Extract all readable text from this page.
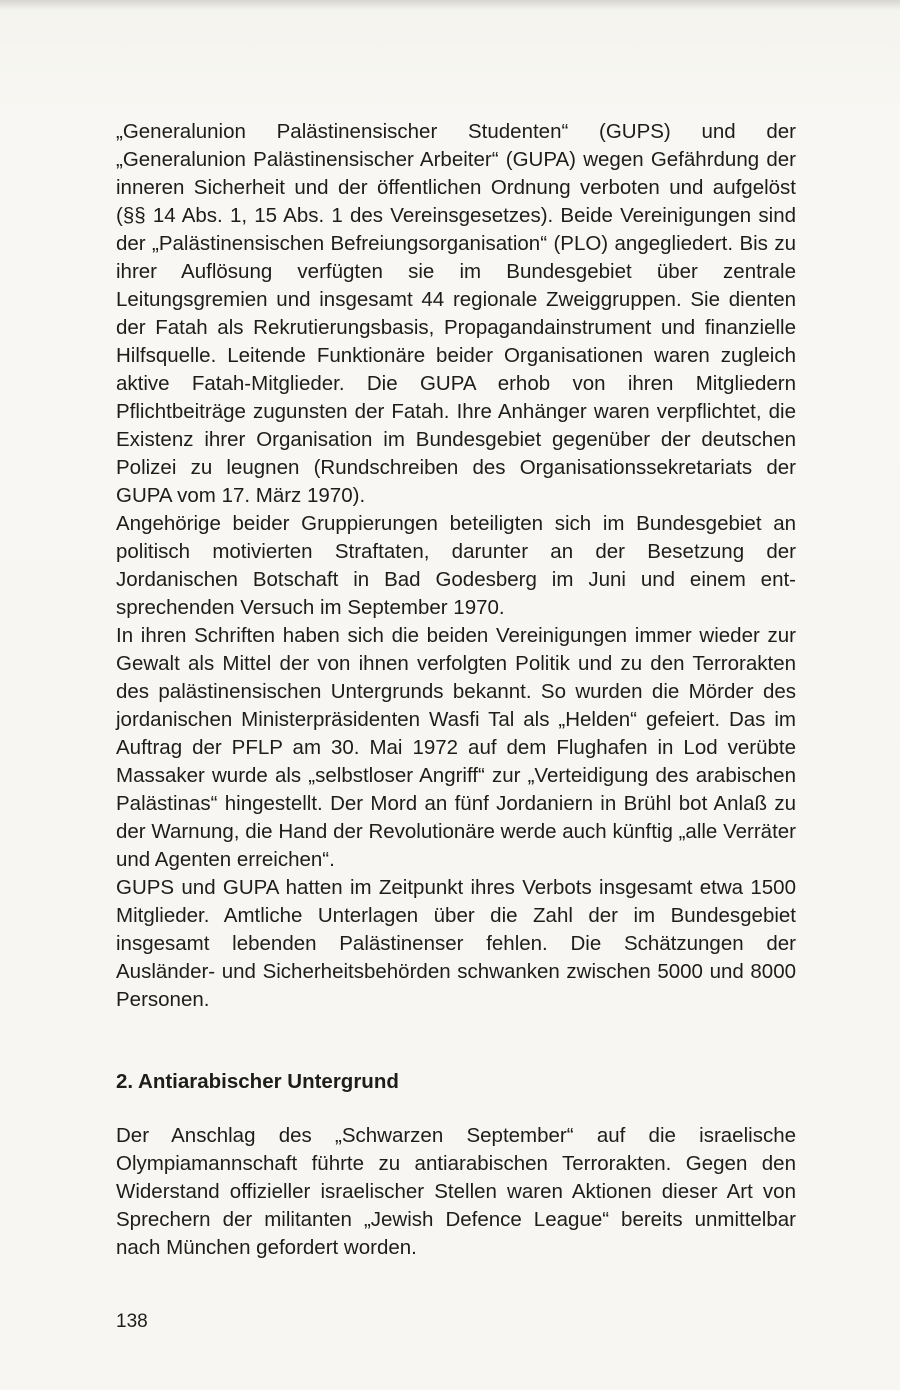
„Generalunion Palästinensischer Studenten“ (GUPS) und der „Generalunion Palästinensischer Arbeiter“ (GUPA) wegen Gefährdung der inneren Sicherheit und der öffentlichen Ordnung verboten und aufgelöst (§§ 14 Abs. 1, 15 Abs. 1 des Vereinsgesetzes). Beide Vereinigungen sind der „Palästinensischen Befreiungsorganisation“ (PLO) angegliedert. Bis zu ihrer Auflösung verfügten sie im Bundesgebiet über zentrale Leitungsgremien und insgesamt 44 regionale Zweiggruppen. Sie dienten der Fatah als Rekrutierungsbasis, Propagandainstrument und finanzielle Hilfsquelle. Leitende Funktionäre beider Organisationen waren zugleich aktive Fatah-Mitglieder. Die GUPA erhob von ihren Mitgliedern Pflichtbeiträge zugunsten der Fatah. Ihre Anhänger waren verpflichtet, die Existenz ihrer Organisation im Bundesgebiet gegenüber der deutschen Polizei zu leugnen (Rundschreiben des Organisationssekretariats der GUPA vom 17. März 1970).

Angehörige beider Gruppierungen beteiligten sich im Bundesgebiet an politisch motivierten Straftaten, darunter an der Besetzung der Jordanischen Botschaft in Bad Godesberg im Juni und einem entsprechenden Versuch im September 1970.

In ihren Schriften haben sich die beiden Vereinigungen immer wieder zur Gewalt als Mittel der von ihnen verfolgten Politik und zu den Terrorakten des palästinensischen Untergrunds bekannt. So wurden die Mörder des jordanischen Ministerpräsidenten Wasfi Tal als „Helden“ gefeiert. Das im Auftrag der PFLP am 30. Mai 1972 auf dem Flughafen in Lod verübte Massaker wurde als „selbstloser Angriff“ zur „Verteidigung des arabischen Palästinas“ hingestellt. Der Mord an fünf Jordaniern in Brühl bot Anlaß zu der Warnung, die Hand der Revolutionäre werde auch künftig „alle Verräter und Agenten erreichen“.

GUPS und GUPA hatten im Zeitpunkt ihres Verbots insgesamt etwa 1500 Mitglieder. Amtliche Unterlagen über die Zahl der im Bundesgebiet insgesamt lebenden Palästinenser fehlen. Die Schätzungen der Ausländer- und Sicherheitsbehörden schwanken zwischen 5000 und 8000 Personen.

2. Antiarabischer Untergrund

Der Anschlag des „Schwarzen September“ auf die israelische Olympiamannschaft führte zu antiarabischen Terrorakten. Gegen den Widerstand offizieller israelischer Stellen waren Aktionen dieser Art von Sprechern der militanten „Jewish Defence League“ bereits unmittelbar nach München gefordert worden.

138
